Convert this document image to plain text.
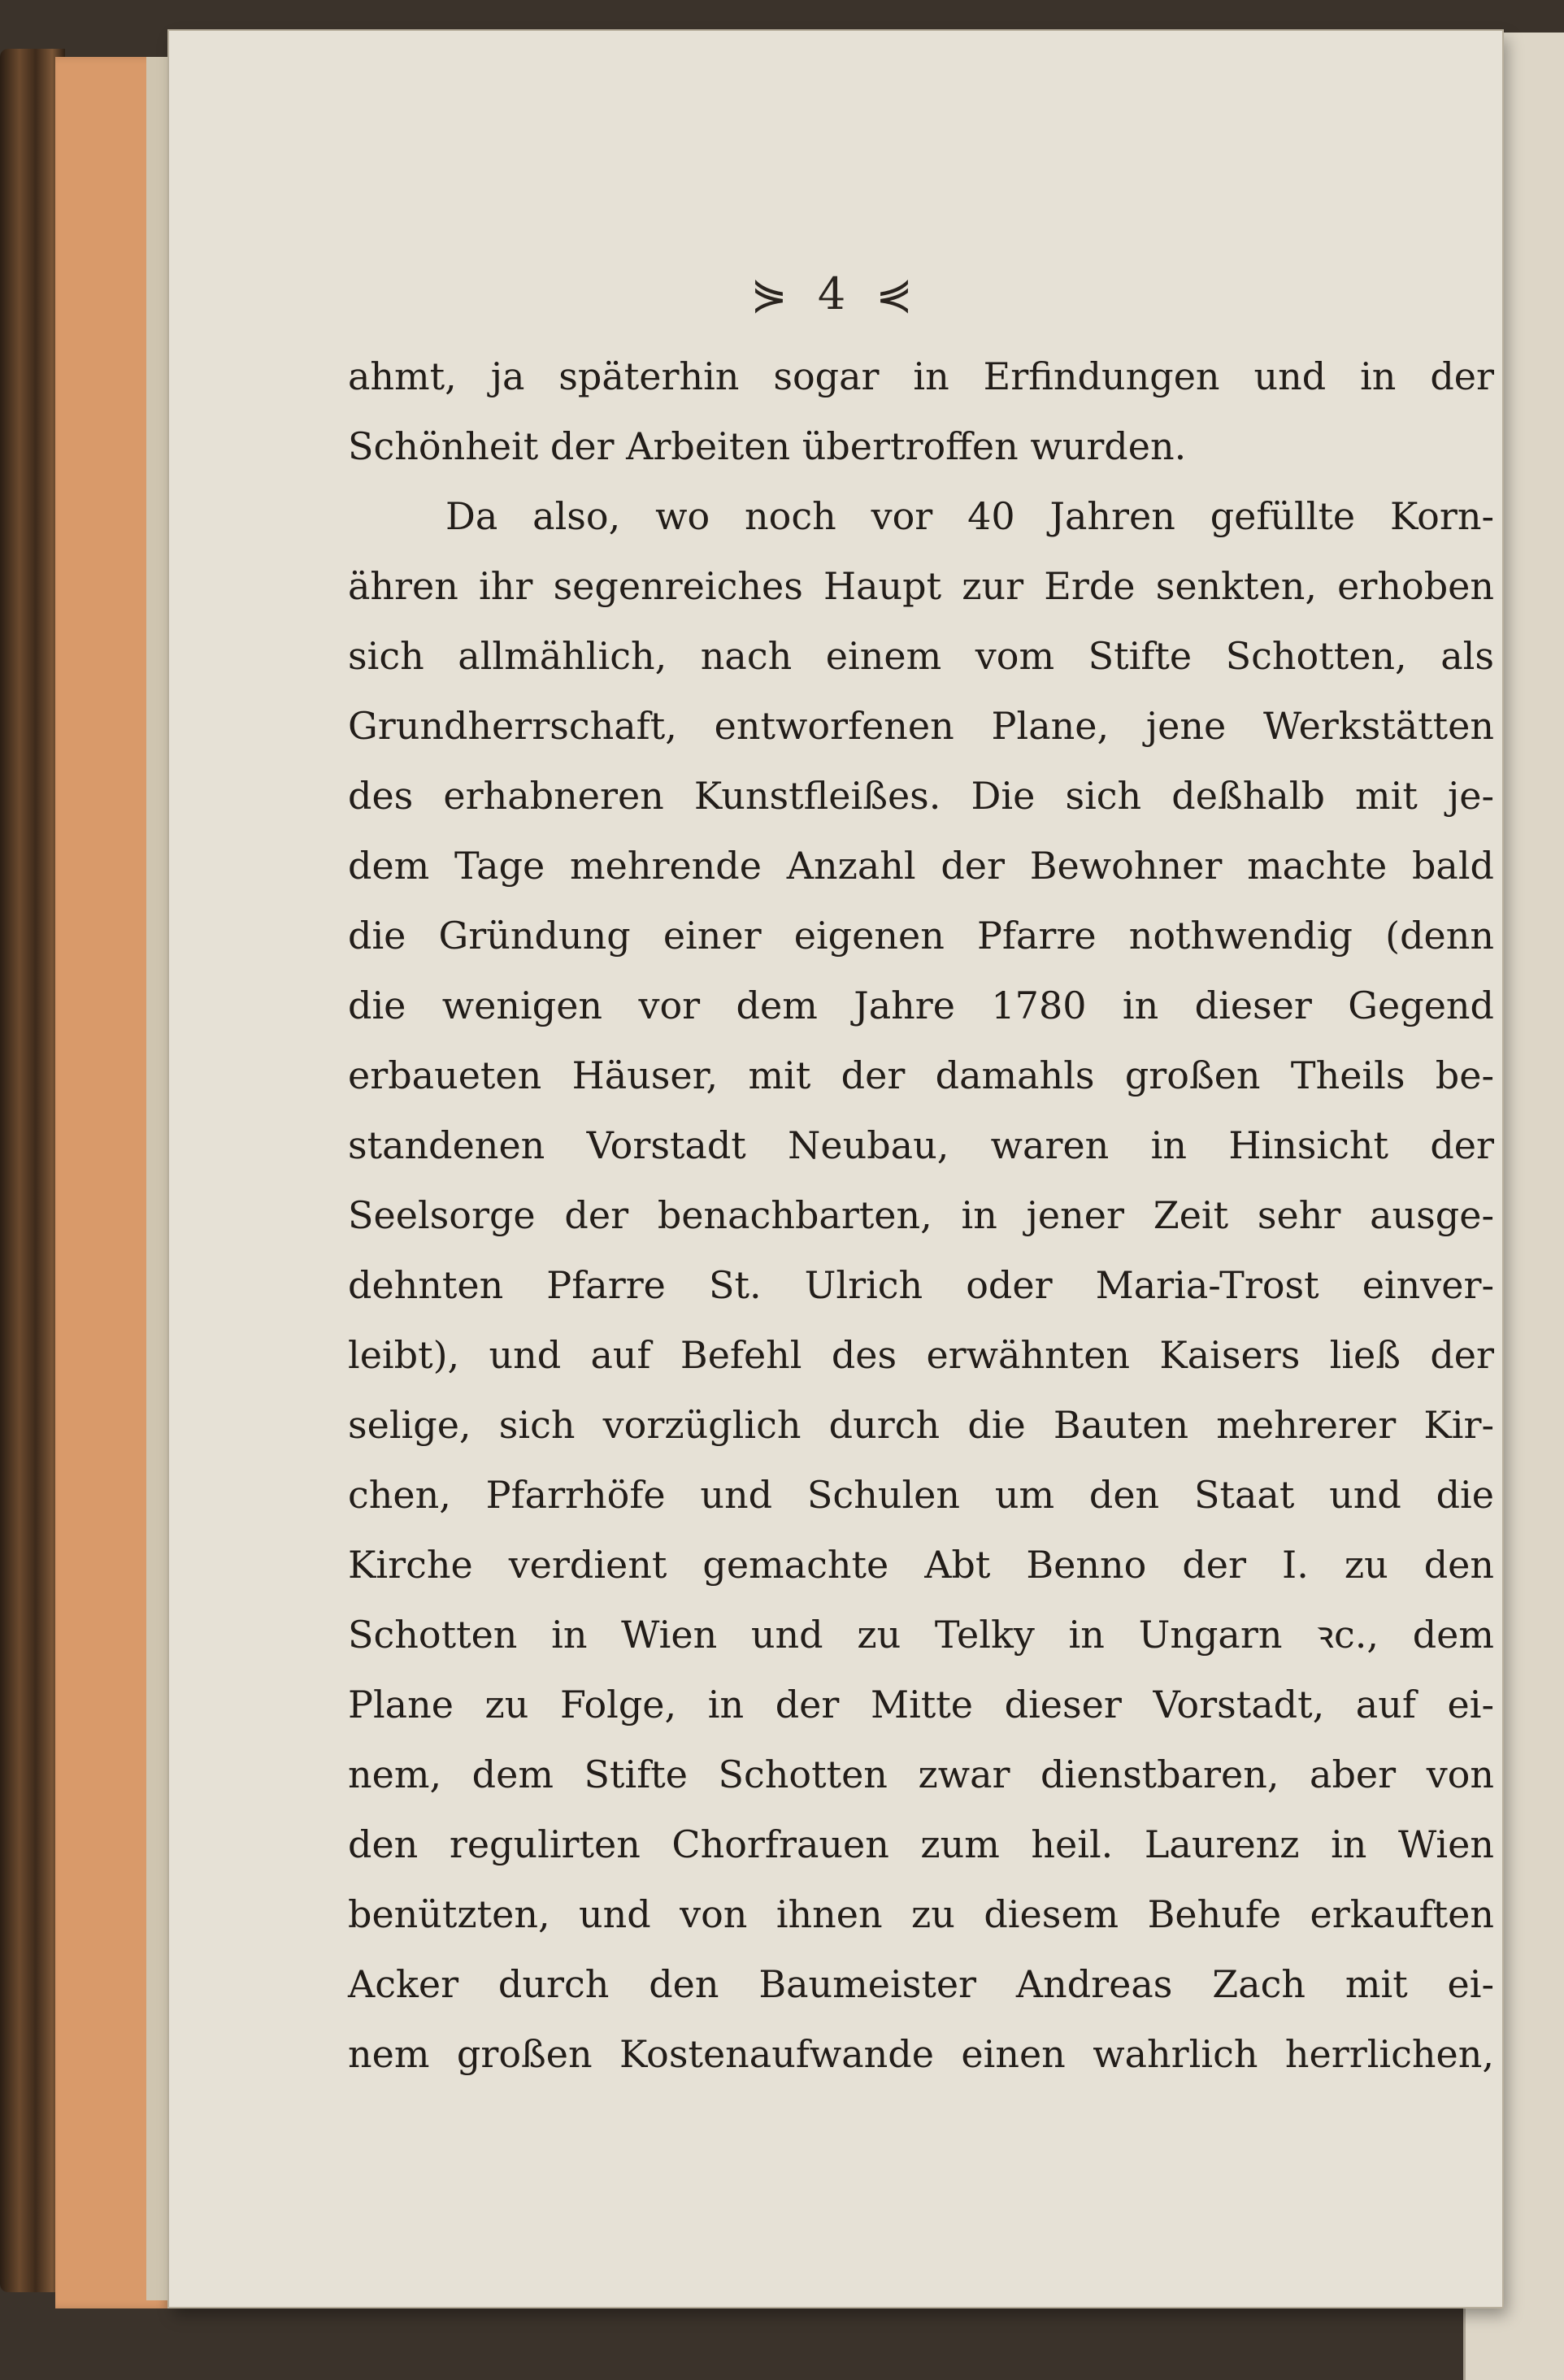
⋟ 4 ⋞
ahmt, ja späterhin sogar in Erfindungen und in der
Schönheit der Arbeiten übertroffen wurden.
Da also, wo noch vor 40 Jahren gefüllte Korn-
ähren ihr segenreiches Haupt zur Erde senkten, erhoben
sich allmählich, nach einem vom Stifte Schotten, als
Grundherrschaft, entworfenen Plane, jene Werkstätten
des erhabneren Kunstfleißes. Die sich deßhalb mit je-
dem Tage mehrende Anzahl der Bewohner machte bald
die Gründung einer eigenen Pfarre nothwendig (denn
die wenigen vor dem Jahre 1780 in dieser Gegend
erbaueten Häuser, mit der damahls großen Theils be-
standenen Vorstadt Neubau, waren in Hinsicht der
Seelsorge der benachbarten, in jener Zeit sehr ausge-
dehnten Pfarre St. Ulrich oder Maria-Trost einver-
leibt), und auf Befehl des erwähnten Kaisers ließ der
selige, sich vorzüglich durch die Bauten mehrerer Kir-
chen, Pfarrhöfe und Schulen um den Staat und die
Kirche verdient gemachte Abt Benno der I. zu den
Schotten in Wien und zu Telky in Ungarn ꝛc., dem
Plane zu Folge, in der Mitte dieser Vorstadt, auf ei-
nem, dem Stifte Schotten zwar dienstbaren, aber von
den regulirten Chorfrauen zum heil. Laurenz in Wien
benützten, und von ihnen zu diesem Behufe erkauften
Acker durch den Baumeister Andreas Zach mit ei-
nem großen Kostenaufwande einen wahrlich herrlichen,
